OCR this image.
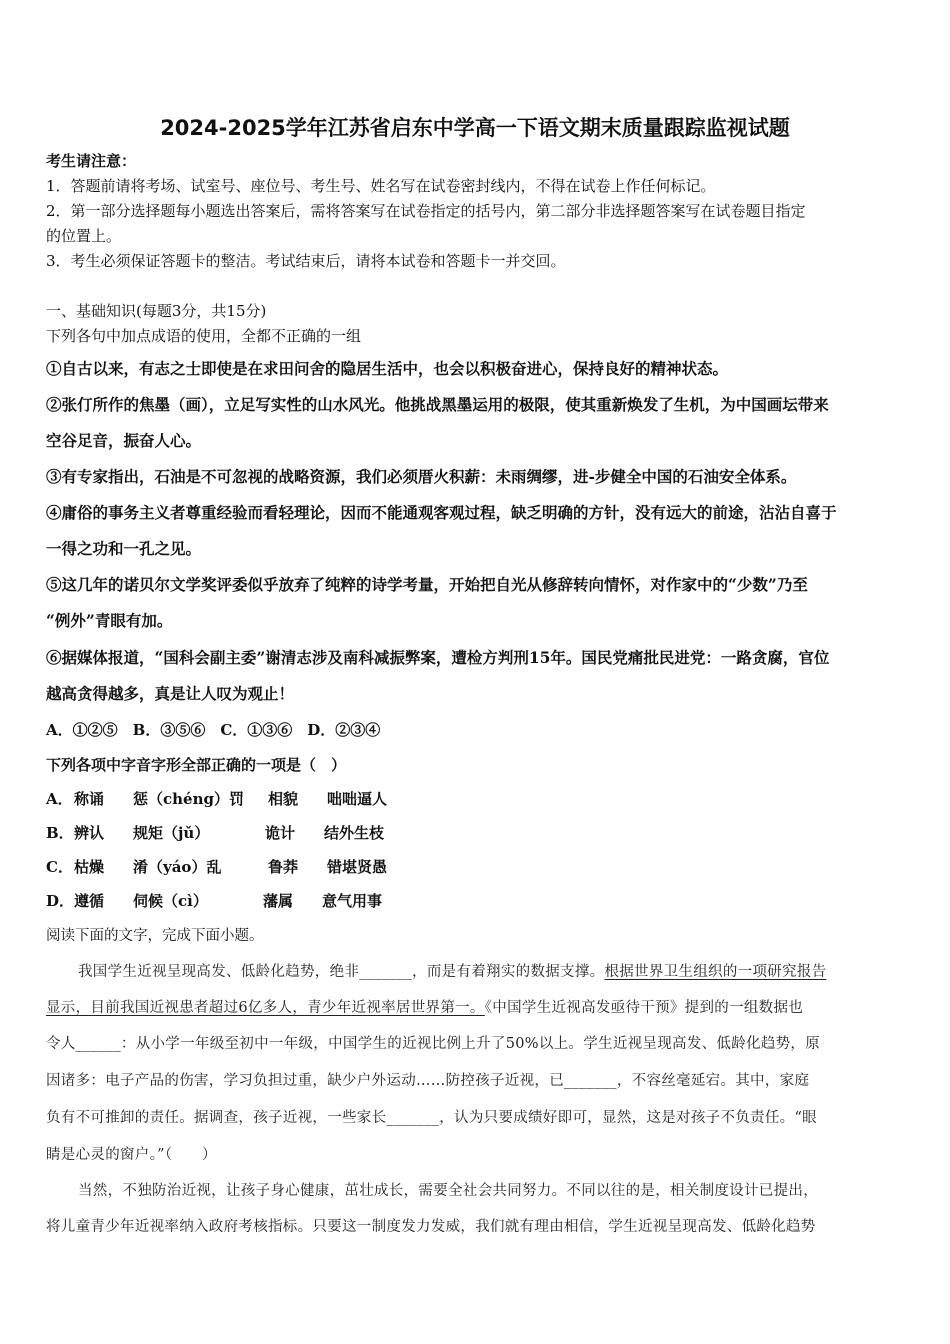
2024-2025学年江苏省启东中学高一下语文期末质量跟踪监视试题
考生请注意：
1．答题前请将考场、试室号、座位号、考生号、姓名写在试卷密封线内，不得在试卷上作任何标记。
2．第一部分选择题每小题选出答案后，需将答案写在试卷指定的括号内，第二部分非选择题答案写在试卷题目指定
的位置上。
3．考生必须保证答题卡的整洁。考试结束后，请将本试卷和答题卡一并交回。
一、基础知识(每题3分，共15分)
下列各句中加点成语的使用，全都不正确的一组
①自古以来，有志之士即使是在求田问舍的隐居生活中，也会以积极奋进心，保持良好的精神状态。
②张仃所作的焦墨（画），立足写实性的山水风光。他挑战黑墨运用的极限，使其重新焕发了生机，为中国画坛带来
空谷足音，振奋人心。
③有专家指出，石油是不可忽视的战略资源，我们必须厝火积薪：未雨绸缪，进-步健全中国的石油安全体系。
④庸俗的事务主义者尊重经验而看轻理论，因而不能通观客观过程，缺乏明确的方针，没有远大的前途，沾沾自喜于
一得之功和一孔之见。
⑤这几年的诺贝尔文学奖评委似乎放弃了纯粹的诗学考量，开始把自光从修辞转向情怀，对作家中的“少数”乃至
“例外”青眼有加。
⑥据媒体报道，“国科会副主委”谢清志涉及南科减振弊案，遭检方判刑15年。国民党痛批民进党：一路贪腐，官位
越高贪得越多，真是让人叹为观止！
A．①②⑤　B．③⑤⑥　C．①③⑥　D．②③④
下列各项中字音字形全部正确的一项是（　）
A． 称诵 惩（chéng）罚 相貌 咄咄逼人
B． 辨认 规矩（jǔ）	诡计 结外生枝
C． 枯燥 淆（yáo）乱	鲁莽 错堪贤愚
D． 遵循 伺候（cì）	藩属 意气用事
阅读下面的文字，完成下面小题。
我国学生近视呈现高发、低龄化趋势，绝非_______，而是有着翔实的数据支撑。根据世界卫生组织的一项研究报告
显示，目前我国近视患者超过6亿多人，青少年近视率居世界第一。《中国学生近视高发亟待干预》提到的一组数据也
令人______：从小学一年级至初中一年级，中国学生的近视比例上升了50%以上。学生近视呈现高发、低龄化趋势，原
因诸多：电子产品的伤害，学习负担过重，缺少户外运动……防控孩子近视，已_______，不容丝毫延宕。其中，家庭
负有不可推卸的责任。据调查，孩子近视，一些家长_______，认为只要成绩好即可，显然，这是对孩子不负责任。“眼
睛是心灵的窗户。”（　　）
当然，不独防治近视，让孩子身心健康，茁壮成长，需要全社会共同努力。不同以往的是，相关制度设计已提出，
将儿童青少年近视率纳入政府考核指标。只要这一制度发力发威，我们就有理由相信，学生近视呈现高发、低龄化趋势
